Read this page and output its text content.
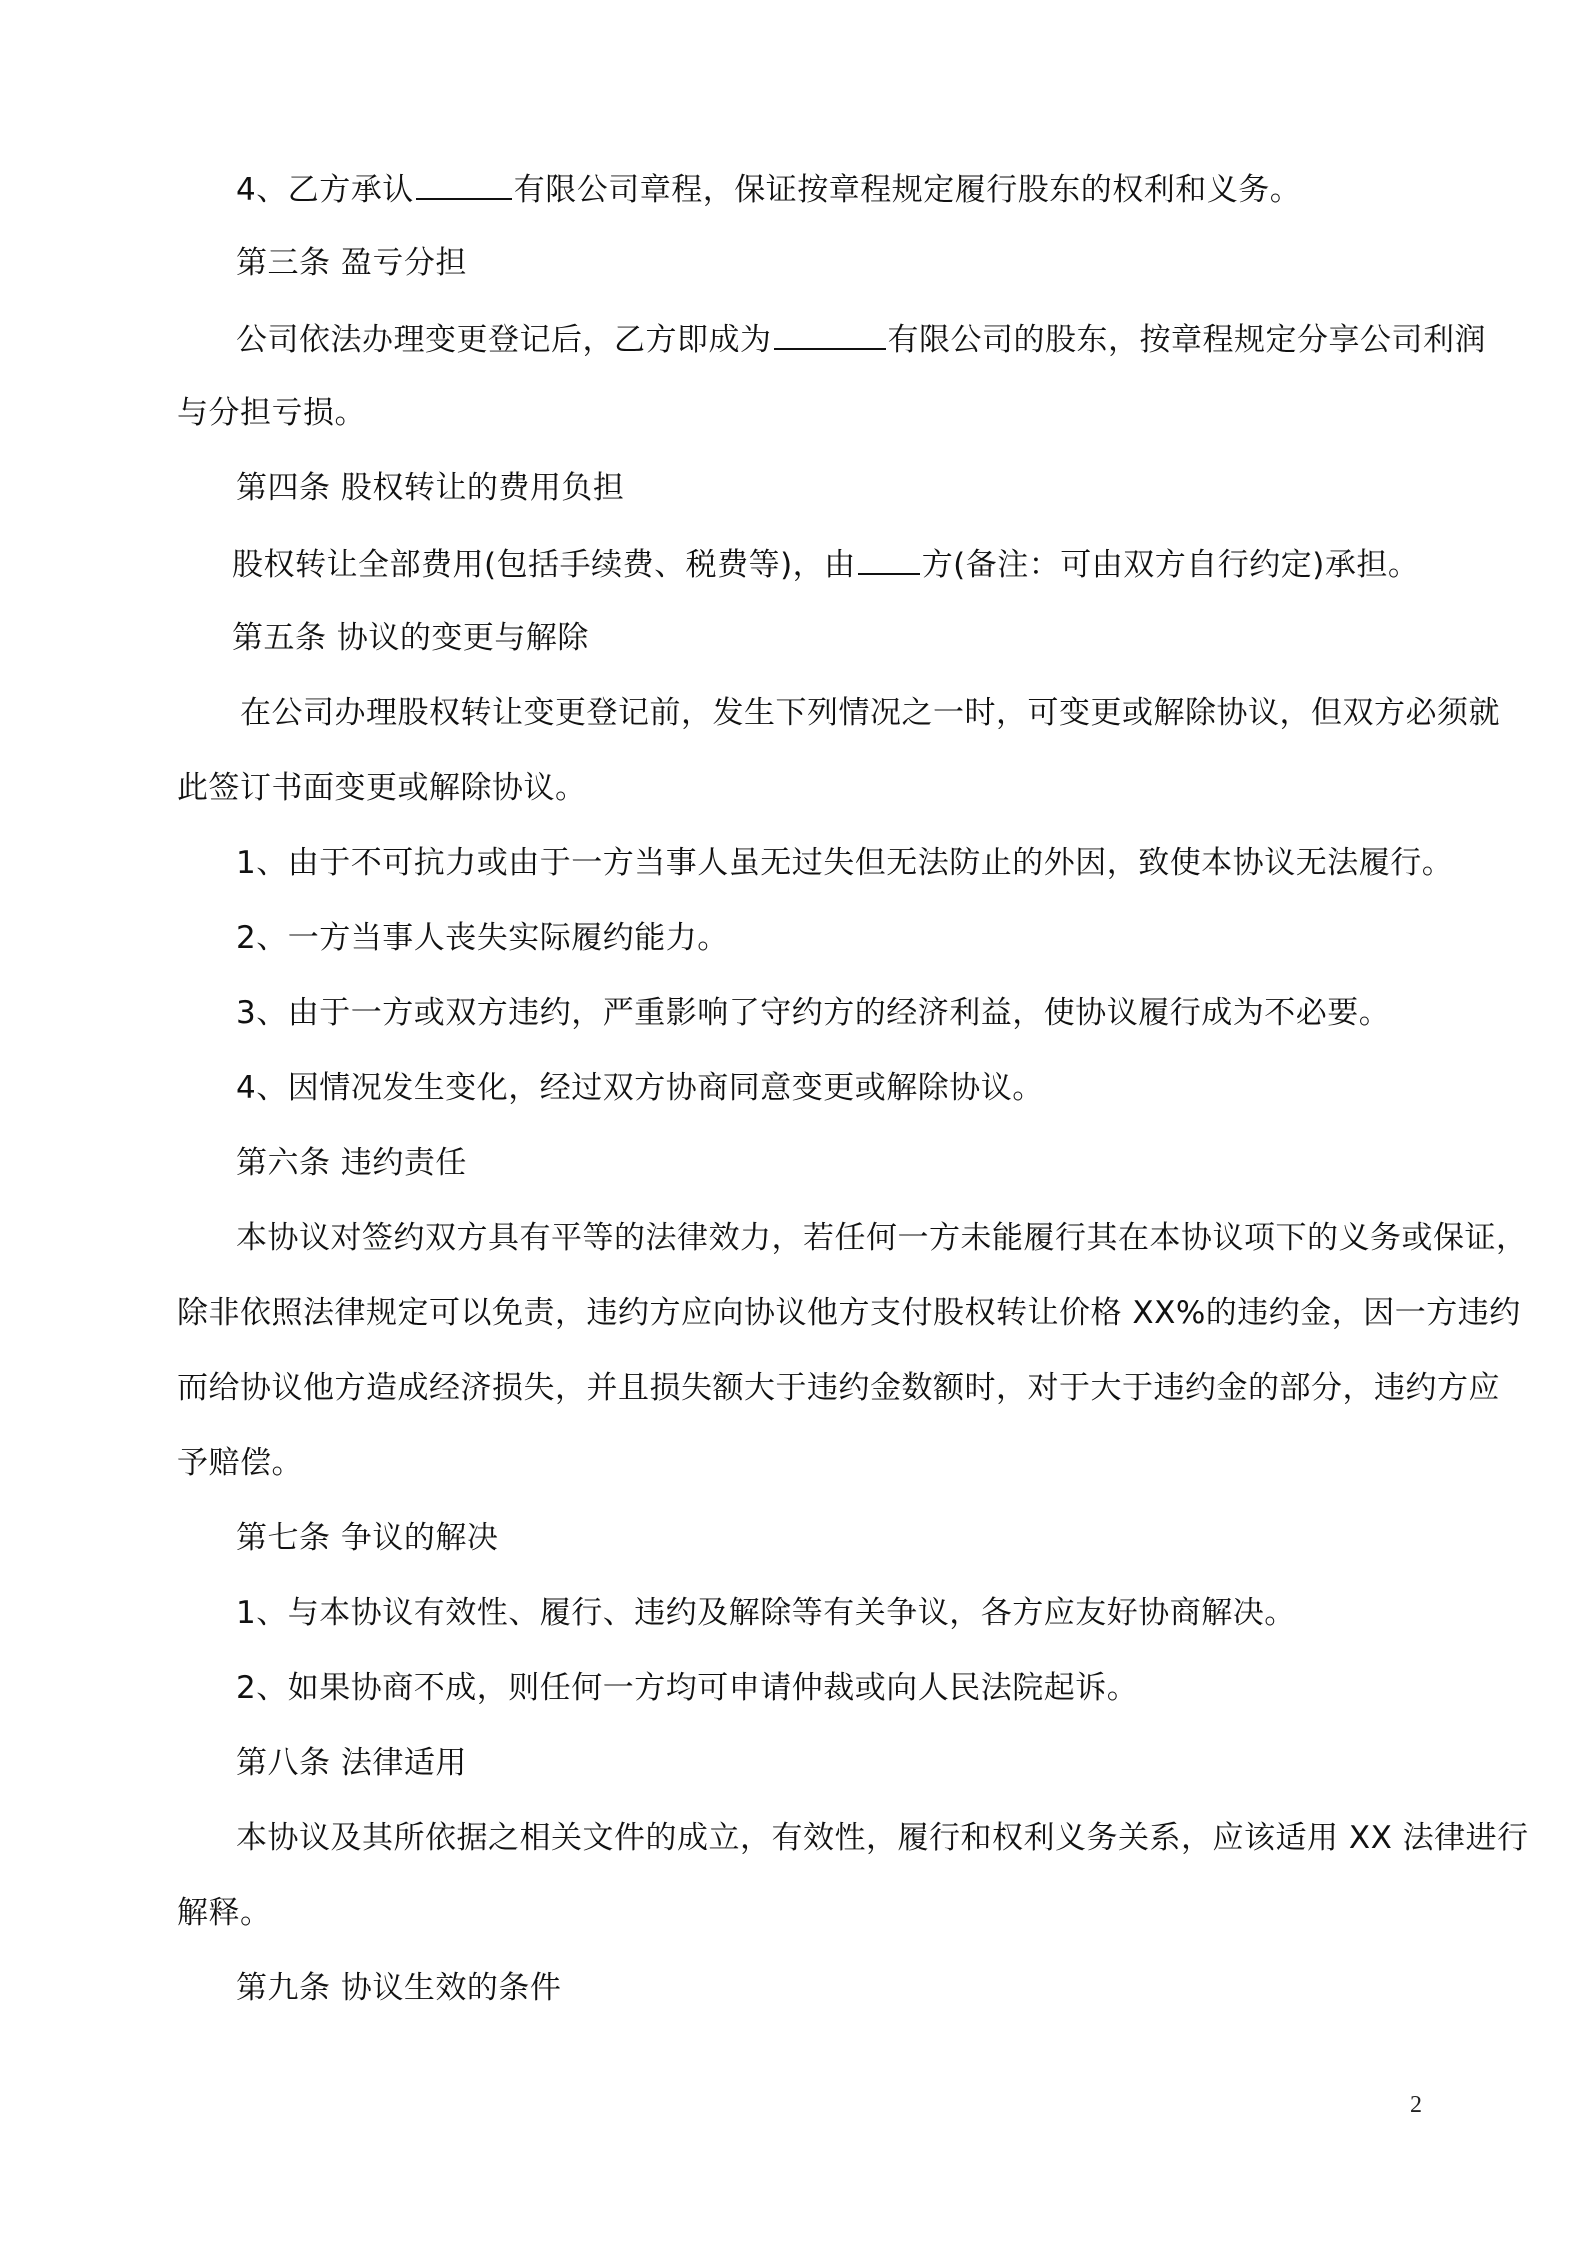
4、乙方承认	有限公司章程，保证按章程规定履行股东的权利和义务。
第三条 盈亏分担
公司依法办理变更登记后，乙方即成为	有限公司的股东，按章程规定分享公司利润
与分担亏损。
第四条 股权转让的费用负担
股权转让全部费用(包括手续费、税费等)，由 方(备注：可由双方自行约定)承担。
第五条 协议的变更与解除
在公司办理股权转让变更登记前，发生下列情况之一时，可变更或解除协议，但双方必须就
此签订书面变更或解除协议。
1、由于不可抗力或由于一方当事人虽无过失但无法防止的外因，致使本协议无法履行。
2、一方当事人丧失实际履约能力。
3、由于一方或双方违约，严重影响了守约方的经济利益，使协议履行成为不必要。
4、因情况发生变化，经过双方协商同意变更或解除协议。
第六条 违约责任
本协议对签约双方具有平等的法律效力，若任何一方未能履行其在本协议项下的义务或保证，
除非依照法律规定可以免责，违约方应向协议他方支付股权转让价格 XX%的违约金，因一方违约
而给协议他方造成经济损失，并且损失额大于违约金数额时，对于大于违约金的部分，违约方应
予赔偿。
第七条 争议的解决
1、与本协议有效性、履行、违约及解除等有关争议，各方应友好协商解决。
2、如果协商不成，则任何一方均可申请仲裁或向人民法院起诉。
第八条 法律适用
本协议及其所依据之相关文件的成立，有效性，履行和权利义务关系，应该适用 XX 法律进行
解释。
第九条 协议生效的条件
2
